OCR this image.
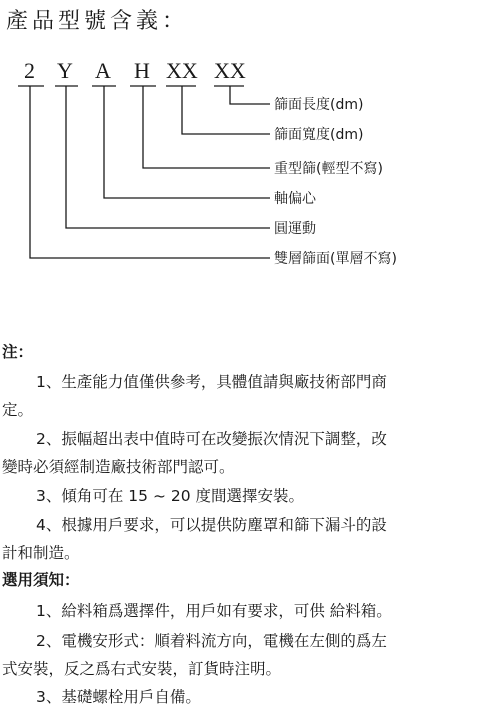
產品型號含義：
2 Y A H XX XX
篩面長度(dm)
篩面寬度(dm)
重型篩(輕型不寫)
軸偏心
圓運動
雙層篩面(單層不寫)
注：
1、生產能力值僅供參考，具體值請與廠技術部門商
定。
2、振幅超出表中值時可在改變振次情況下調整，改
變時必須經制造廠技術部門認可。
3、傾角可在 15 ~ 20 度間選擇安裝。
4、根據用戶要求，可以提供防塵罩和篩下漏斗的設
計和制造。
選用須知：
1、給料箱爲選擇件，用戶如有要求，可供 給料箱。
2、電機安形式：順着料流方向，電機在左側的爲左
式安裝，反之爲右式安裝，訂貨時注明。
3、基礎螺栓用戶自備。
